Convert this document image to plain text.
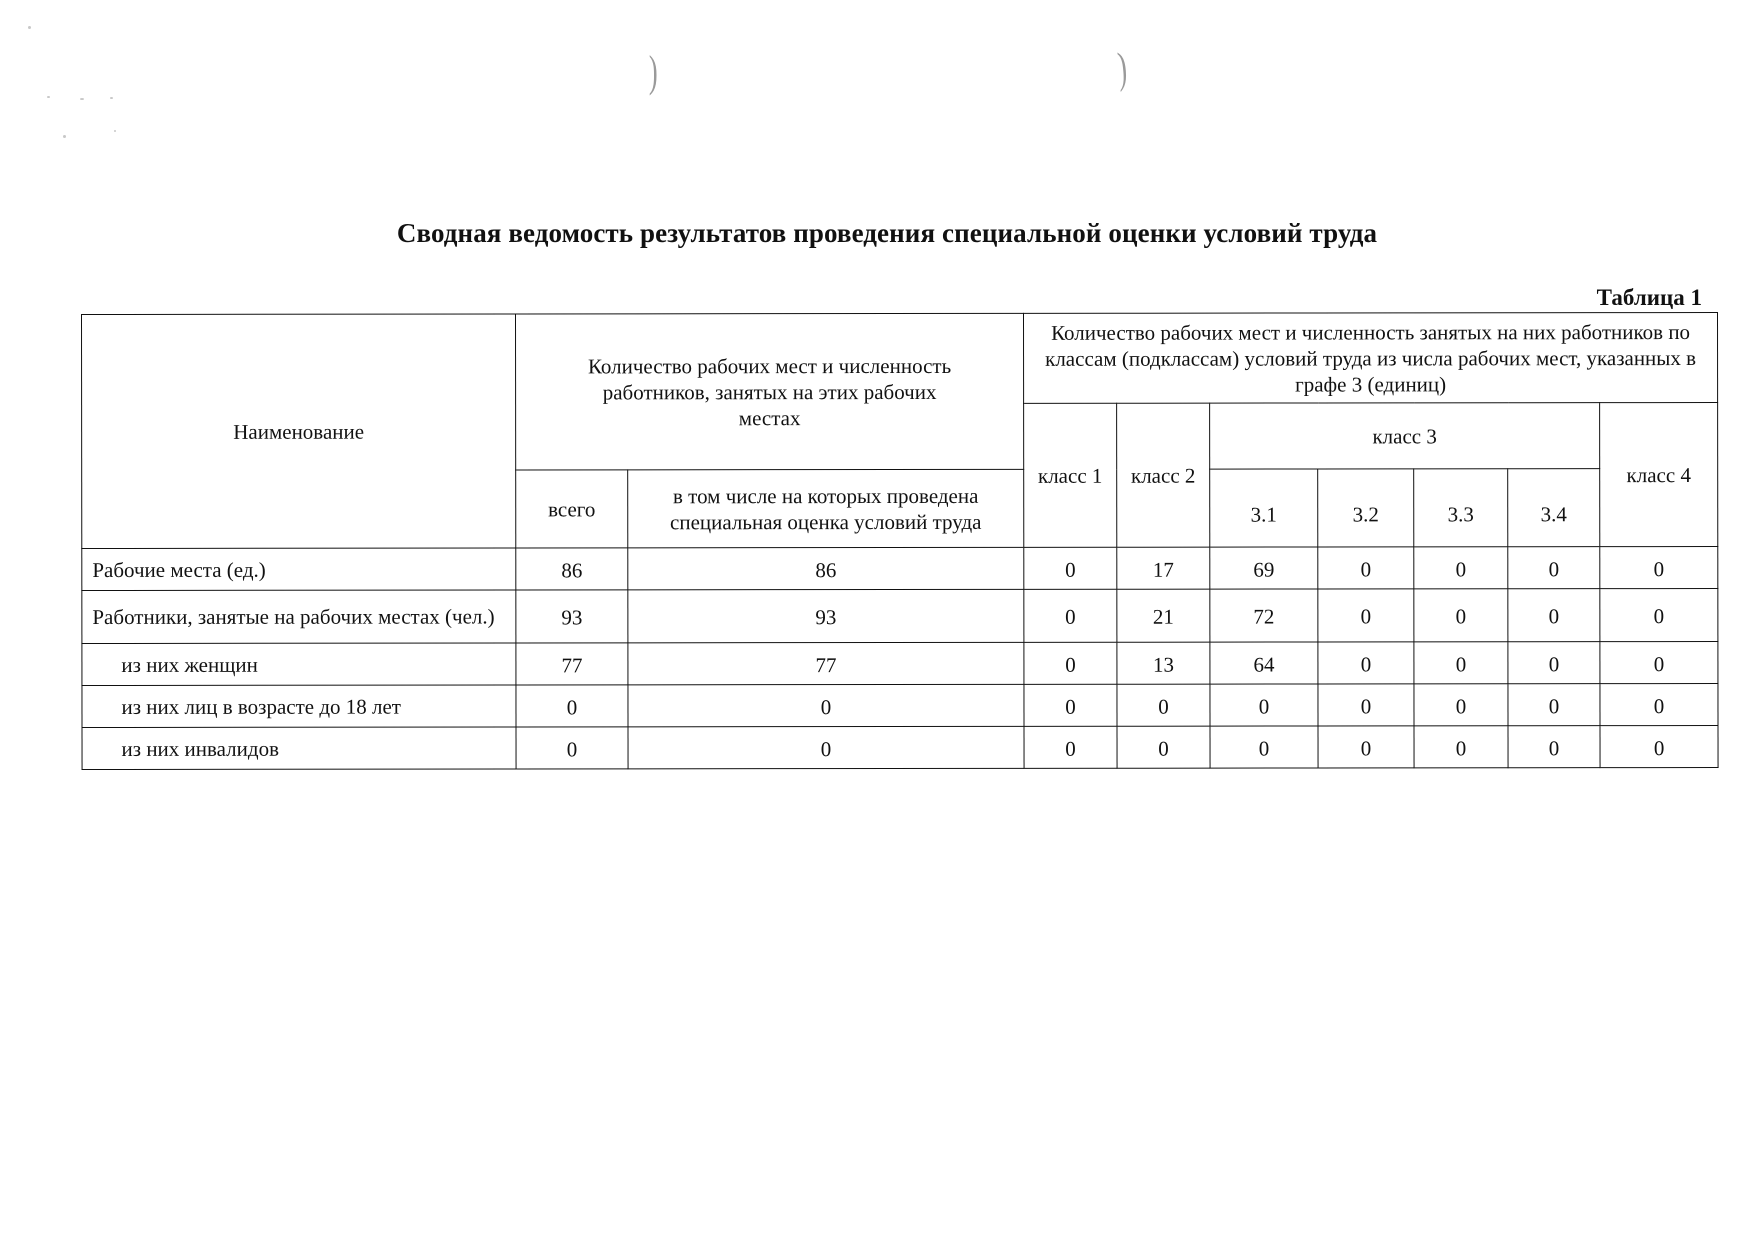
)	)
Сводная ведомость результатов проведения специальной оценки условий труда
Таблица 1
Наименование	Количество рабочих мест и численность работников, занятых на этих рабочих местах		Количество рабочих мест и численность занятых на них работников по классам (подклассам) условий труда из числа рабочих мест, указанных в графе 3 (единиц)						
			класс 1	класс 2	класс 3				класс 4
	всего	в том числе на которых проведена специальная оценка условий труда			3.1	3.2	3.3	3.4	
Рабочие места (ед.)	86	86	0	17	69	0	0	0	0
Работники, занятые на рабочих местах (чел.)	93	93	0	21	72	0	0	0	0
из них женщин	77	77	0	13	64	0	0	0	0
из них лиц в возрасте до 18 лет	0	0	0	0	0	0	0	0	0
из них инвалидов	0	0	0	0	0	0	0	0	0
